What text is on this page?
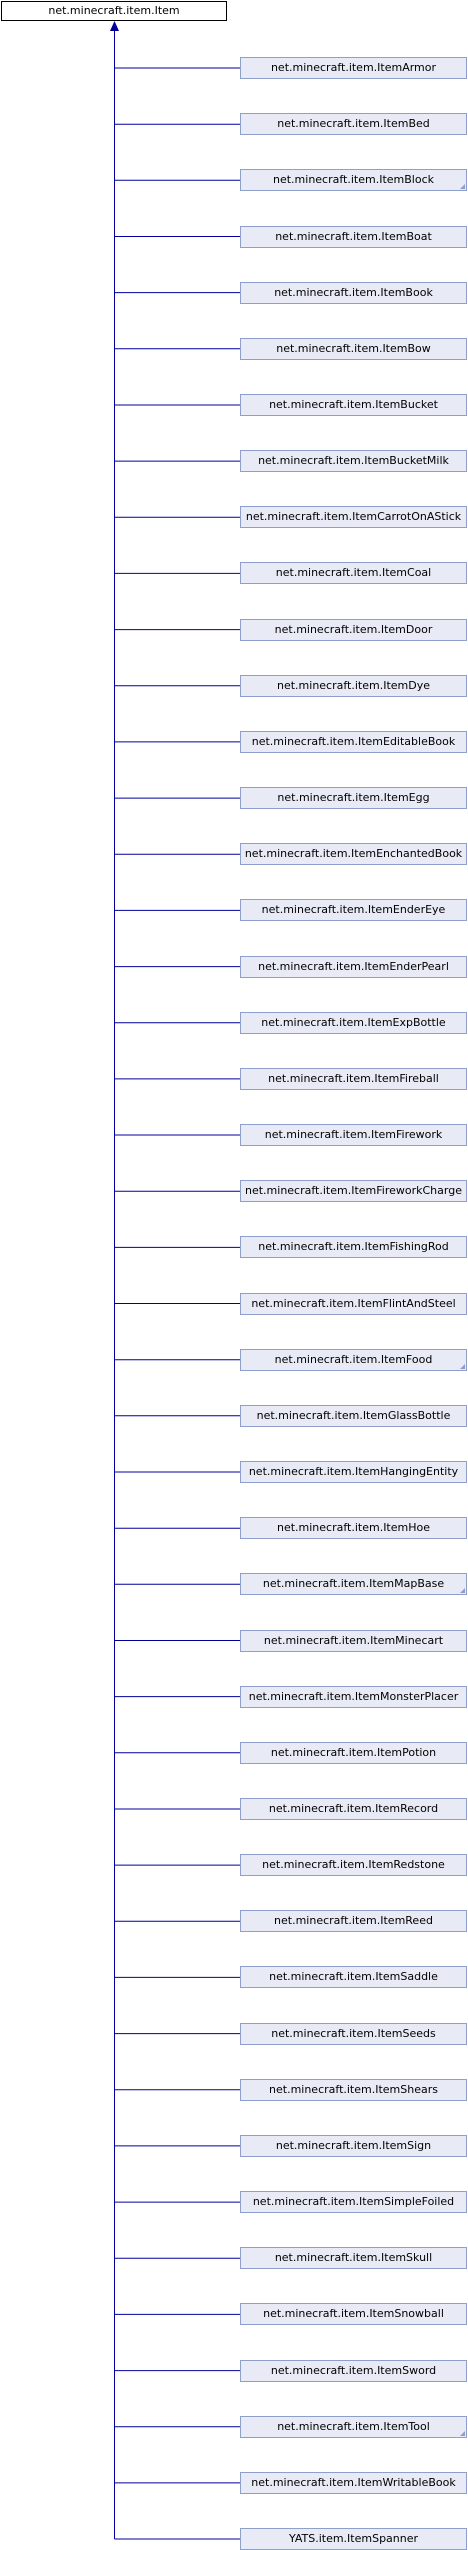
net.minecraft.item.Item
net.minecraft.item.ItemArmor
net.minecraft.item.ItemBed
net.minecraft.item.ItemBlock
net.minecraft.item.ItemBoat
net.minecraft.item.ItemBook
net.minecraft.item.ItemBow
net.minecraft.item.ItemBucket
net.minecraft.item.ItemBucketMilk
net.minecraft.item.ItemCarrotOnAStick
net.minecraft.item.ItemCoal
net.minecraft.item.ItemDoor
net.minecraft.item.ItemDye
net.minecraft.item.ItemEditableBook
net.minecraft.item.ItemEgg
net.minecraft.item.ItemEnchantedBook
net.minecraft.item.ItemEnderEye
net.minecraft.item.ItemEnderPearl
net.minecraft.item.ItemExpBottle
net.minecraft.item.ItemFireball
net.minecraft.item.ItemFirework
net.minecraft.item.ItemFireworkCharge
net.minecraft.item.ItemFishingRod
net.minecraft.item.ItemFlintAndSteel
net.minecraft.item.ItemFood
net.minecraft.item.ItemGlassBottle
net.minecraft.item.ItemHangingEntity
net.minecraft.item.ItemHoe
net.minecraft.item.ItemMapBase
net.minecraft.item.ItemMinecart
net.minecraft.item.ItemMonsterPlacer
net.minecraft.item.ItemPotion
net.minecraft.item.ItemRecord
net.minecraft.item.ItemRedstone
net.minecraft.item.ItemReed
net.minecraft.item.ItemSaddle
net.minecraft.item.ItemSeeds
net.minecraft.item.ItemShears
net.minecraft.item.ItemSign
net.minecraft.item.ItemSimpleFoiled
net.minecraft.item.ItemSkull
net.minecraft.item.ItemSnowball
net.minecraft.item.ItemSword
net.minecraft.item.ItemTool
net.minecraft.item.ItemWritableBook
YATS.item.ItemSpanner
